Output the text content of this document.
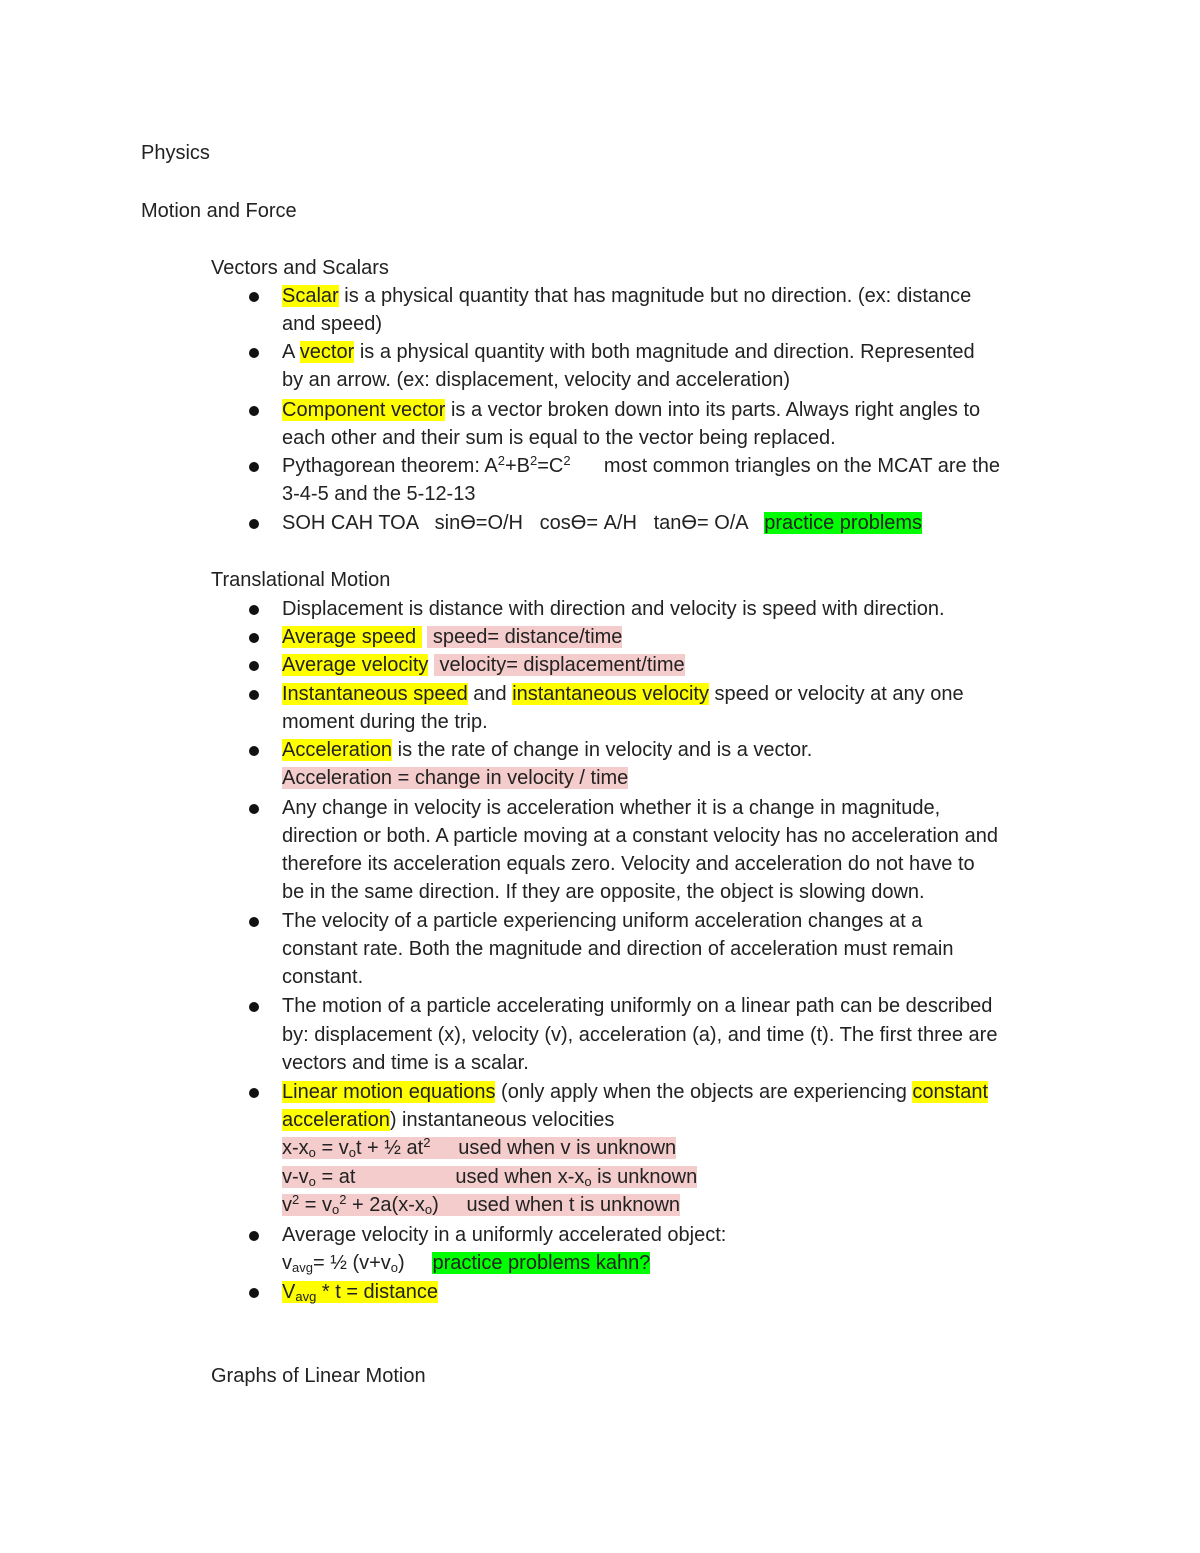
Physics
Motion and Force
Vectors and Scalars
Scalar is a physical quantity that has magnitude but no direction. (ex: distance
and speed)
A vector is a physical quantity with both magnitude and direction. Represented
by an arrow. (ex: displacement, velocity and acceleration)
Component vector is a vector broken down into its parts. Always right angles to
each other and their sum is equal to the vector being replaced.
Pythagorean theorem: $A^2+B^2=C^2$      most common triangles on the MCAT are the
3-4-5 and the 5-12-13
SOH CAH TOA   sinϴ=O/H   cosϴ= A/H   tanϴ= O/A   practice problems
Translational Motion
Displacement is distance with direction and velocity is speed with direction.
Average speed   speed= distance/time
Average velocity  velocity= displacement/time
Instantaneous speed and instantaneous velocity speed or velocity at any one
moment during the trip.
Acceleration is the rate of change in velocity and is a vector.
Acceleration = change in velocity / time
Any change in velocity is acceleration whether it is a change in magnitude,
direction or both. A particle moving at a constant velocity has no acceleration and
therefore its acceleration equals zero. Velocity and acceleration do not have to
be in the same direction. If they are opposite, the object is slowing down.
The velocity of a particle experiencing uniform acceleration changes at a
constant rate. Both the magnitude and direction of acceleration must remain
constant.
The motion of a particle accelerating uniformly on a linear path can be described
by: displacement (x), velocity (v), acceleration (a), and time (t). The first three are
vectors and time is a scalar.
Linear motion equations (only apply when the objects are experiencing constant
acceleration) instantaneous velocities
$x-x_o = v_ot$ + ½ $at^2$     used when v is unknown
$v-v_o$ = at                  used when $x-x_o$ is unknown
$v^2 = v_o^2 + 2a(x-x_o)$     used when t is unknown
Average velocity in a uniformly accelerated object:
$v_{avg}=$ ½ $(v+v_o)$     practice problems kahn?
$V_{avg}$ * t = distance
Graphs of Linear Motion
